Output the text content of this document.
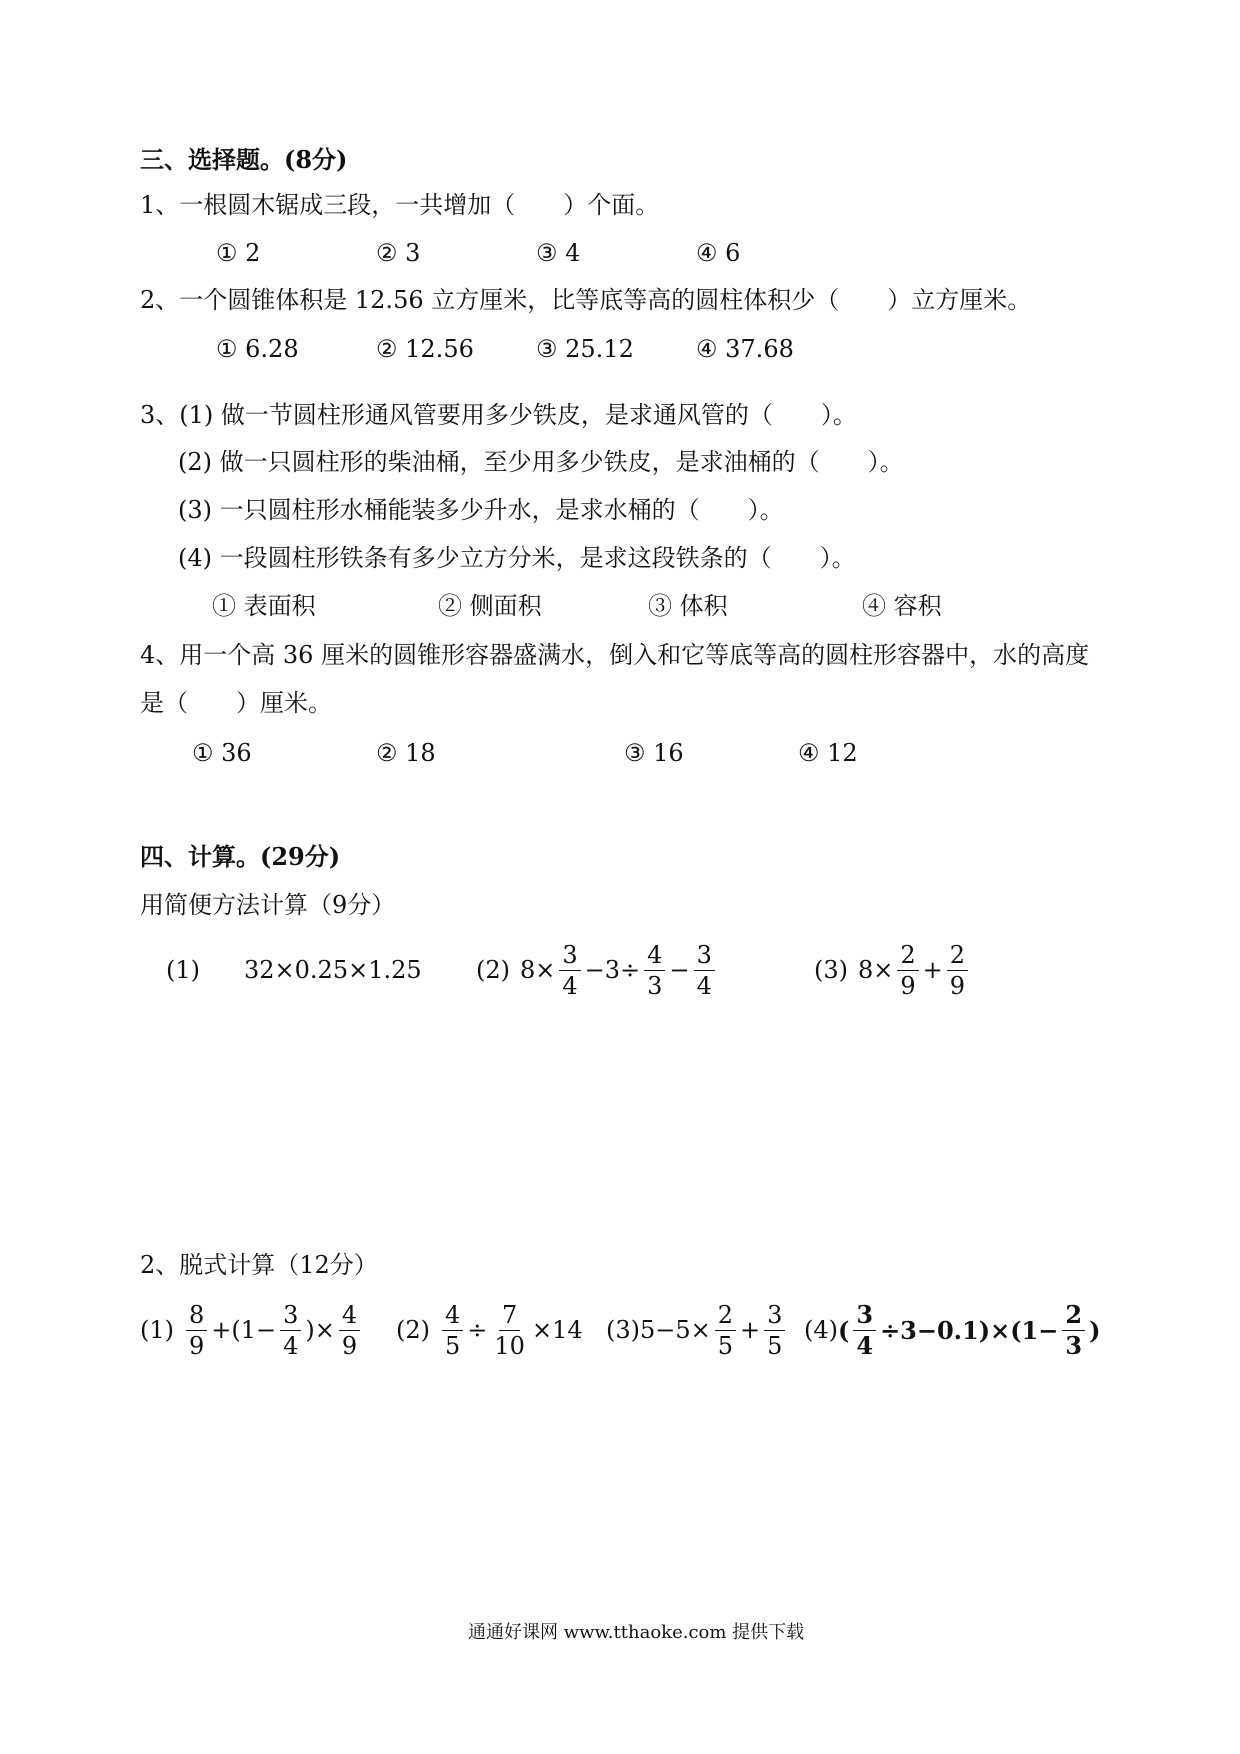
三、选择题。(8分)
1、一根圆木锯成三段，一共增加（　　）个面。
① 2	② 3	③ 4	④ 6
2、一个圆锥体积是 12.56 立方厘米，比等底等高的圆柱体积少（　　）立方厘米。
① 6.28	② 12.56	③ 25.12	④ 37.68
3、(1) 做一节圆柱形通风管要用多少铁皮，是求通风管的（　　）。
(2) 做一只圆柱形的柴油桶，至少用多少铁皮，是求油桶的（　　）。
(3) 一只圆柱形水桶能装多少升水，是求水桶的（　　）。
(4) 一段圆柱形铁条有多少立方分米，是求这段铁条的（　　）。
① 表面积	② 侧面积	③ 体积	④ 容积
4、用一个高 36 厘米的圆锥形容器盛满水，倒入和它等底等高的圆柱形容器中，水的高度
是（　　）厘米。
① 36	② 18	③ 16	④ 12
四、计算。(29分)
用简便方法计算（9分）
(1) 32×0.25×1.25 (2) $8\times \frac{3}{4} -3\div \frac{4}{3} - \frac{3}{4}$	(3) $8\times \frac{2}{9} + \frac{2}{9}$
2、脱式计算（12分）
$(1) \frac{8}{9} +(1- \frac{3}{4}$ )× $\frac{4}{9} (2) \frac{4}{5} \div \frac{7}{10} \times 14$ (3) $5-5\times \frac{2}{5} + \frac{3}{5} (4)$ ( $\frac{3}{4} \div 3-0.1)\times(1- \frac{2}{3}$ )
通通好课网 www.tthaoke.com 提供下载
